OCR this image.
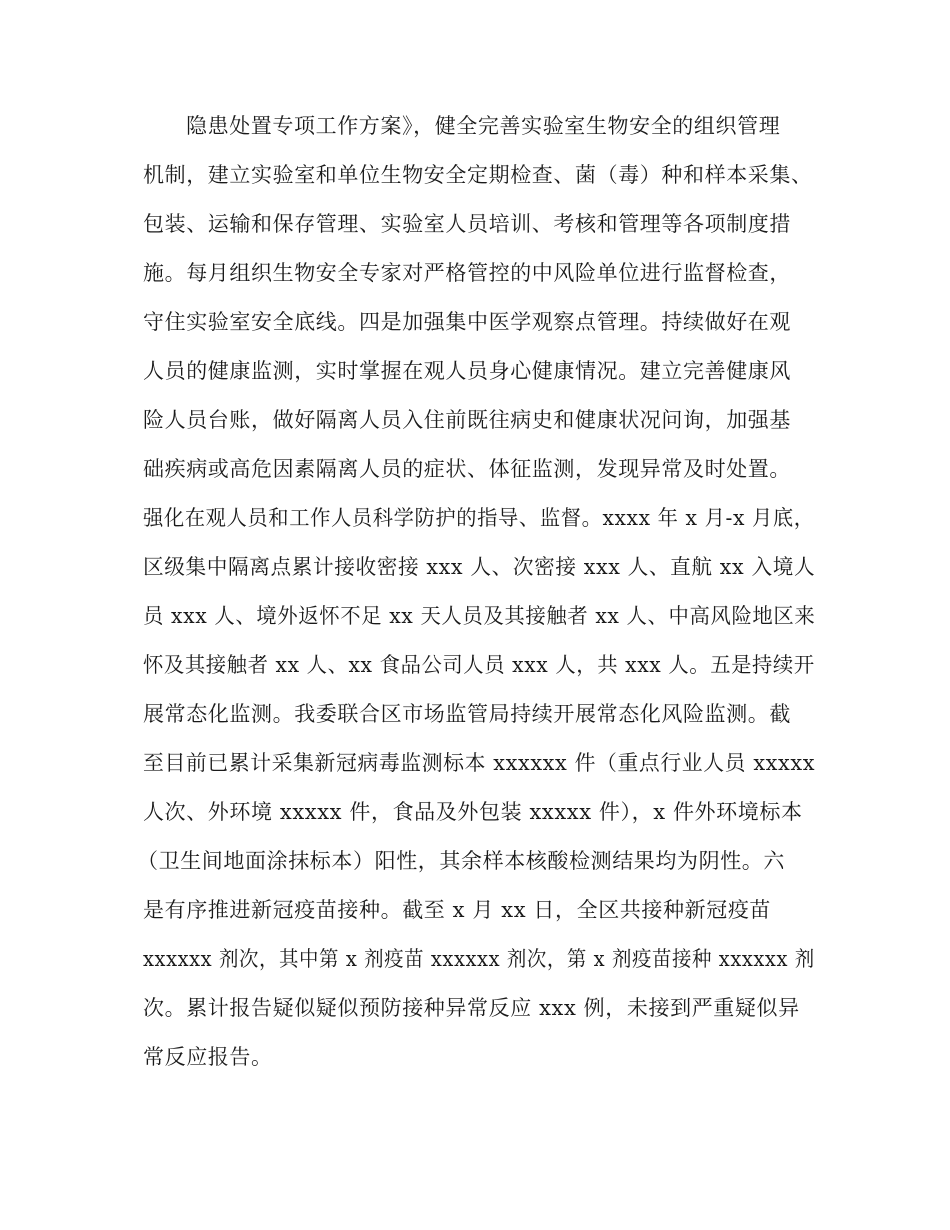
隐患处置专项工作方案》，健全完善实验室生物安全的组织管理
机制，建立实验室和单位生物安全定期检查、菌（毒）种和样本采集、
包装、运输和保存管理、实验室人员培训、考核和管理等各项制度措
施。每月组织生物安全专家对严格管控的中风险单位进行监督检查，
守住实验室安全底线。四是加强集中医学观察点管理。持续做好在观
人员的健康监测，实时掌握在观人员身心健康情况。建立完善健康风
险人员台账，做好隔离人员入住前既往病史和健康状况问询，加强基
础疾病或高危因素隔离人员的症状、体征监测，发现异常及时处置。
强化在观人员和工作人员科学防护的指导、监督。xxxx 年 x 月-x 月底，
区级集中隔离点累计接收密接 xxx 人、次密接 xxx 人、直航 xx 入境人
员 xxx 人、境外返怀不足 xx 天人员及其接触者 xx 人、中高风险地区来
怀及其接触者 xx 人、xx 食品公司人员 xxx 人，共 xxx 人。五是持续开
展常态化监测。我委联合区市场监管局持续开展常态化风险监测。截
至目前已累计采集新冠病毒监测标本 xxxxxx 件（重点行业人员 xxxxx
人次、外环境 xxxxx 件，食品及外包装 xxxxx 件），x 件外环境标本
（卫生间地面涂抹标本）阳性，其余样本核酸检测结果均为阴性。六
是有序推进新冠疫苗接种。截至 x 月 xx 日，全区共接种新冠疫苗
xxxxxx 剂次，其中第 x 剂疫苗 xxxxxx 剂次，第 x 剂疫苗接种 xxxxxx 剂
次。累计报告疑似疑似预防接种异常反应 xxx 例，未接到严重疑似异
常反应报告。
